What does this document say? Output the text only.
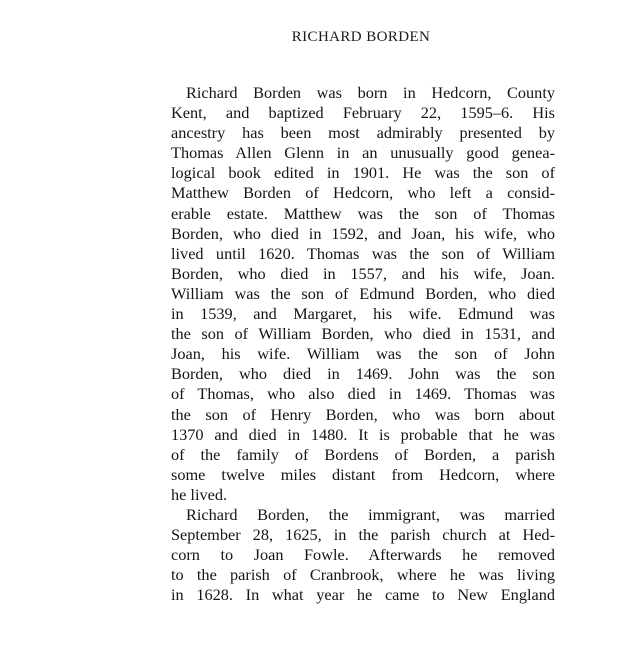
RICHARD BORDEN
Richard Borden was born in Hedcorn, County
Kent, and baptized February 22, 1595–6. His
ancestry has been most admirably presented by
Thomas Allen Glenn in an unusually good genea-
logical book edited in 1901. He was the son of
Matthew Borden of Hedcorn, who left a consid-
erable estate. Matthew was the son of Thomas
Borden, who died in 1592, and Joan, his wife, who
lived until 1620. Thomas was the son of William
Borden, who died in 1557, and his wife, Joan.
William was the son of Edmund Borden, who died
in 1539, and Margaret, his wife. Edmund was
the son of William Borden, who died in 1531, and
Joan, his wife. William was the son of John
Borden, who died in 1469. John was the son
of Thomas, who also died in 1469. Thomas was
the son of Henry Borden, who was born about
1370 and died in 1480. It is probable that he was
of the family of Bordens of Borden, a parish
some twelve miles distant from Hedcorn, where
he lived.
Richard Borden, the immigrant, was married
September 28, 1625, in the parish church at Hed-
corn to Joan Fowle. Afterwards he removed
to the parish of Cranbrook, where he was living
in 1628. In what year he came to New England
